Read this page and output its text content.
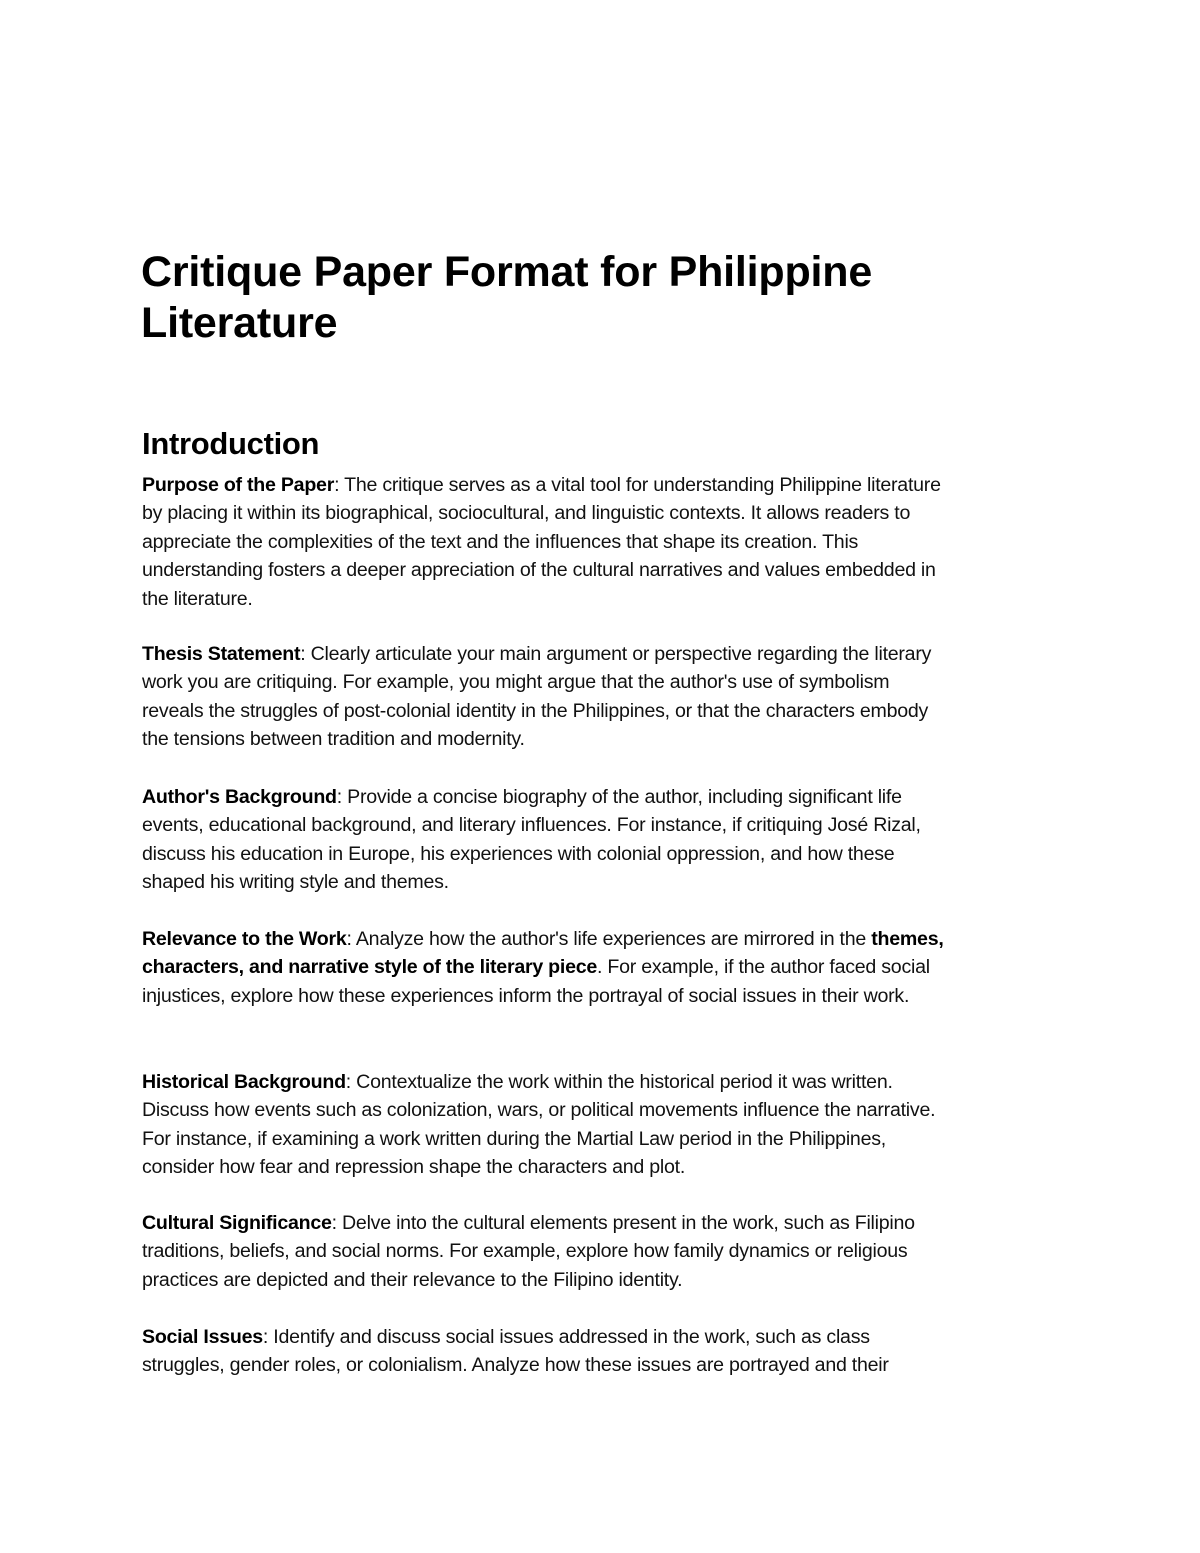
Critique Paper Format for Philippine
Literature
Introduction
Purpose of the Paper: The critique serves as a vital tool for understanding Philippine literature
by placing it within its biographical, sociocultural, and linguistic contexts. It allows readers to
appreciate the complexities of the text and the influences that shape its creation. This
understanding fosters a deeper appreciation of the cultural narratives and values embedded in
the literature.
Thesis Statement: Clearly articulate your main argument or perspective regarding the literary
work you are critiquing. For example, you might argue that the author's use of symbolism
reveals the struggles of post-colonial identity in the Philippines, or that the characters embody
the tensions between tradition and modernity.
Author's Background: Provide a concise biography of the author, including significant life
events, educational background, and literary influences. For instance, if critiquing José Rizal,
discuss his education in Europe, his experiences with colonial oppression, and how these
shaped his writing style and themes.
Relevance to the Work: Analyze how the author's life experiences are mirrored in the themes,
characters, and narrative style of the literary piece. For example, if the author faced social
injustices, explore how these experiences inform the portrayal of social issues in their work.
Historical Background: Contextualize the work within the historical period it was written.
Discuss how events such as colonization, wars, or political movements influence the narrative.
For instance, if examining a work written during the Martial Law period in the Philippines,
consider how fear and repression shape the characters and plot.
Cultural Significance: Delve into the cultural elements present in the work, such as Filipino
traditions, beliefs, and social norms. For example, explore how family dynamics or religious
practices are depicted and their relevance to the Filipino identity.
Social Issues: Identify and discuss social issues addressed in the work, such as class
struggles, gender roles, or colonialism. Analyze how these issues are portrayed and their
